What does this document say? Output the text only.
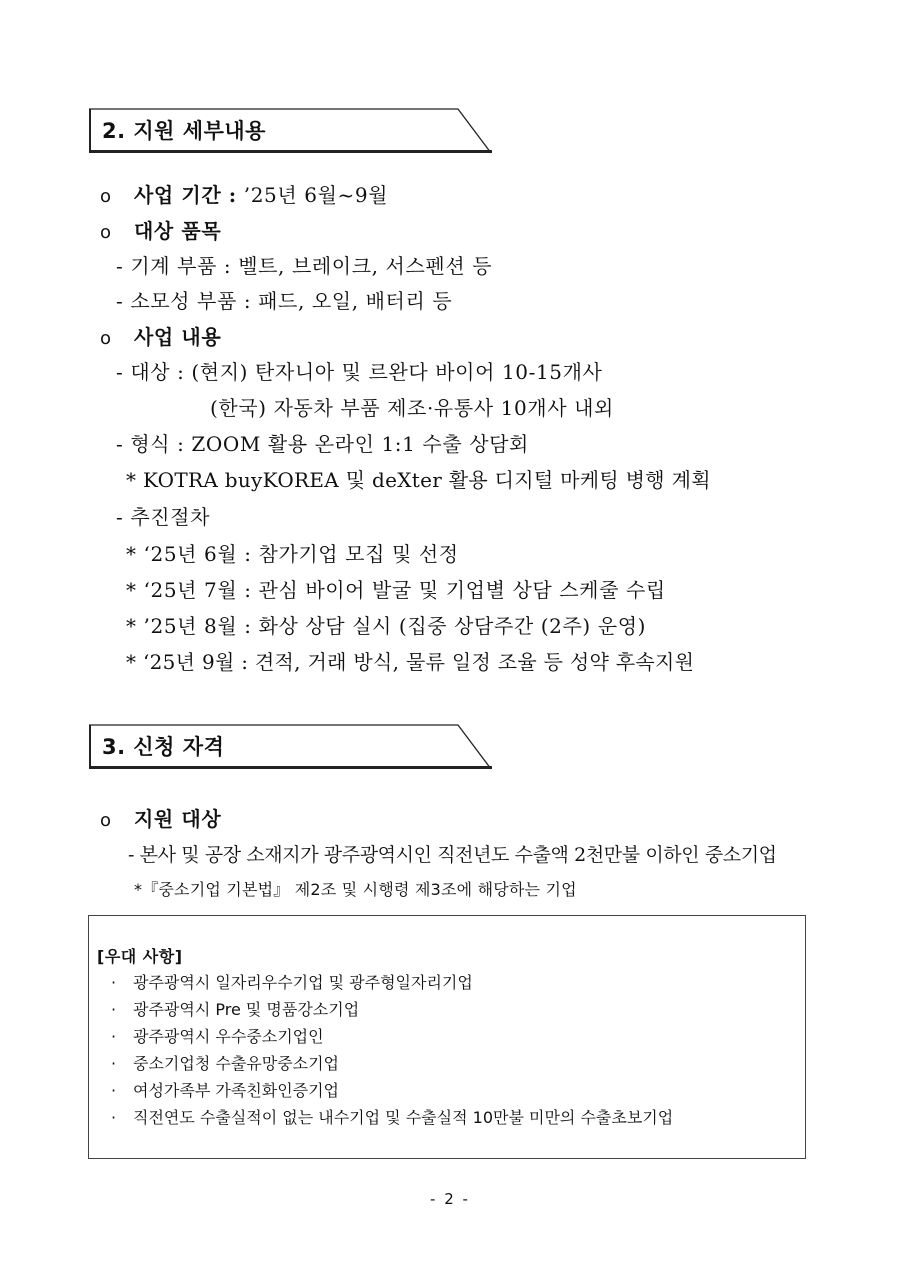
2. 지원 세부내용
o 사업 기간 : ’25년 6월~9월
o 대상 품목
- 기계 부품 : 벨트, 브레이크, 서스펜션 등
- 소모성 부품 : 패드, 오일, 배터리 등
o 사업 내용
- 대상 : (현지) 탄자니아 및 르완다 바이어 10-15개사
(한국) 자동차 부품 제조·유통사 10개사 내외
- 형식 : ZOOM 활용 온라인 1:1 수출 상담회
* KOTRA buyKOREA 및 deXter 활용 디지털 마케팅 병행 계획
- 추진절차
* ‘25년 6월 : 참가기업 모집 및 선정
* ‘25년 7월 : 관심 바이어 발굴 및 기업별 상담 스케줄 수립
* ’25년 8월 : 화상 상담 실시 (집중 상담주간 (2주) 운영)
* ‘25년 9월 : 견적, 거래 방식, 물류 일정 조율 등 성약 후속지원
3. 신청 자격
o 지원 대상
- 본사 및 공장 소재지가 광주광역시인 직전년도 수출액 2천만불 이하인 중소기업
*『중소기업 기본법』 제2조 및 시행령 제3조에 해당하는 기업
[우대 사항]
· 광주광역시 일자리우수기업 및 광주형일자리기업
· 광주광역시 Pre 및 명품강소기업
· 광주광역시 우수중소기업인
· 중소기업청 수출유망중소기업
· 여성가족부 가족친화인증기업
· 직전연도 수출실적이 없는 내수기업 및 수출실적 10만불 미만의 수출초보기업
- 2 -
